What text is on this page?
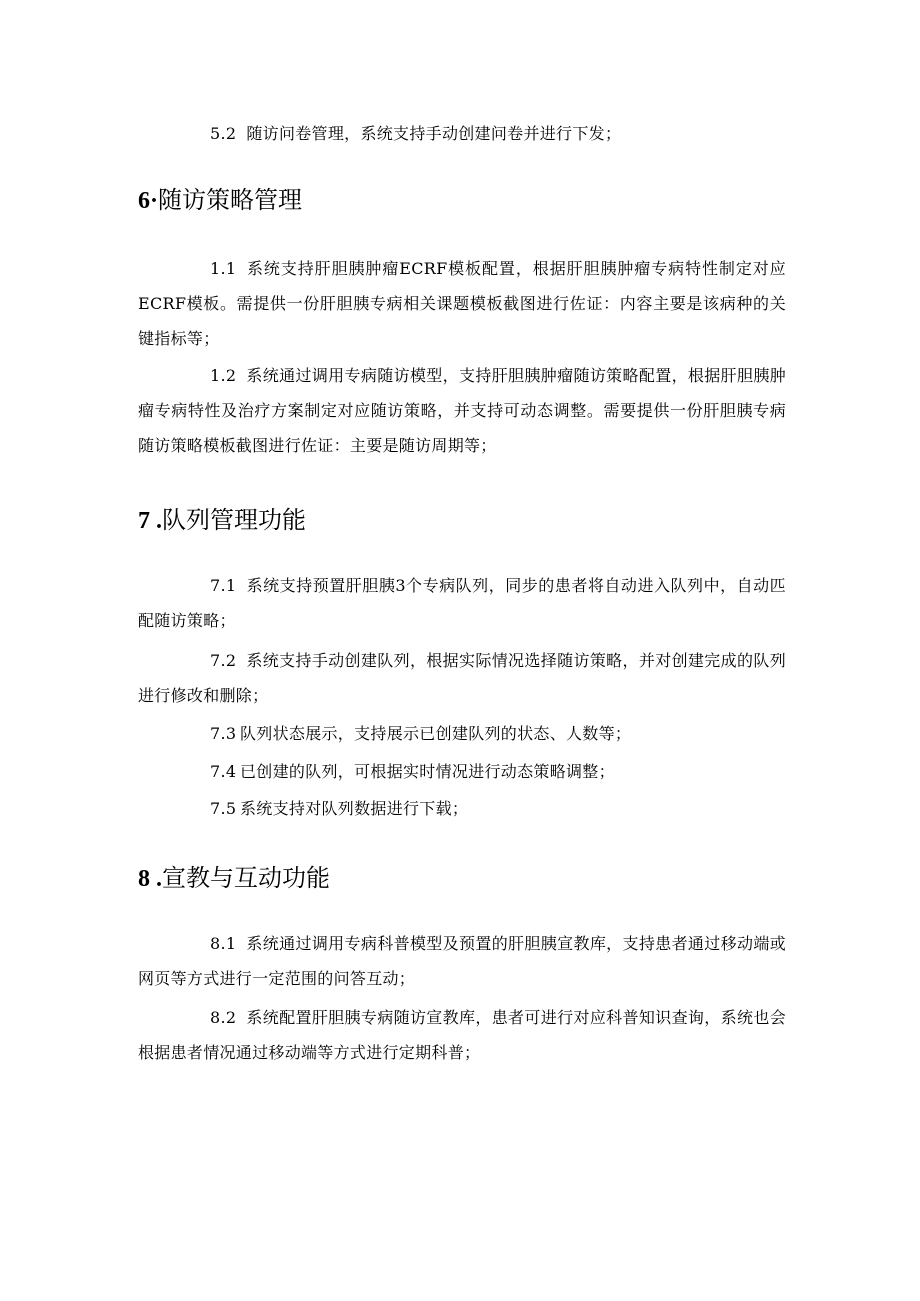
5.2 随访问卷管理，系统支持手动创建问卷并进行下发；

6·随访策略管理

1.1 系统支持肝胆胰肿瘤ECRF模板配置，根据肝胆胰肿瘤专病特性制定对应ECRF模板。需提供一份肝胆胰专病相关课题模板截图进行佐证：内容主要是该病种的关键指标等；

1.2 系统通过调用专病随访模型，支持肝胆胰肿瘤随访策略配置，根据肝胆胰肿瘤专病特性及治疗方案制定对应随访策略，并支持可动态调整。需要提供一份肝胆胰专病随访策略模板截图进行佐证：主要是随访周期等；

7 .队列管理功能

7.1 系统支持预置肝胆胰3个专病队列，同步的患者将自动进入队列中，自动匹配随访策略；

7.2 系统支持手动创建队列，根据实际情况选择随访策略，并对创建完成的队列进行修改和删除；

7.3 队列状态展示，支持展示已创建队列的状态、人数等；

7.4 已创建的队列，可根据实时情况进行动态策略调整；

7.5 系统支持对队列数据进行下载；

8 .宣教与互动功能

8.1 系统通过调用专病科普模型及预置的肝胆胰宣教库，支持患者通过移动端或网页等方式进行一定范围的问答互动；

8.2 系统配置肝胆胰专病随访宣教库，患者可进行对应科普知识查询，系统也会根据患者情况通过移动端等方式进行定期科普；
